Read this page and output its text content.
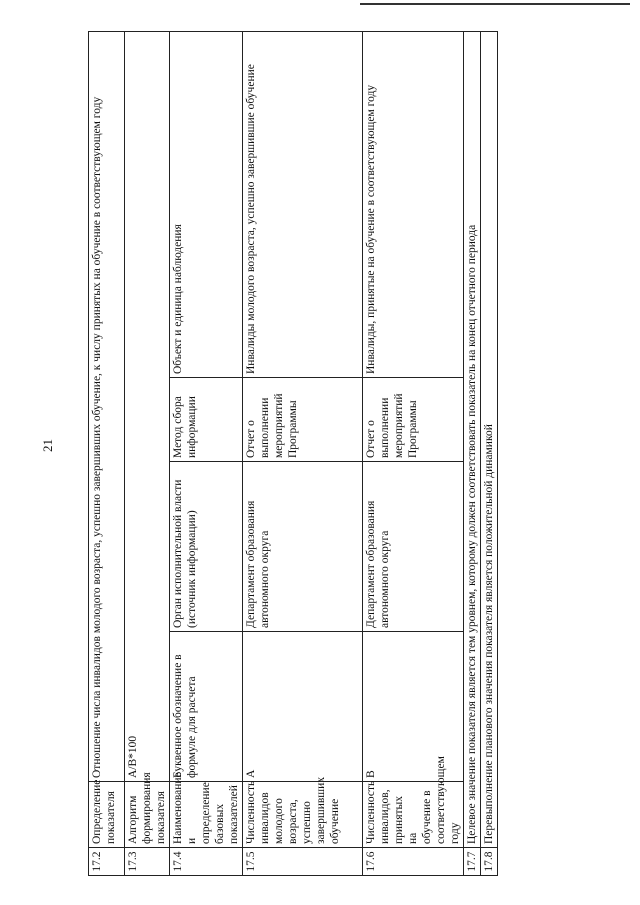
21
17.2	Определение показателя	Отношение числа инвалидов молодого возраста, успешно завершивших обучение, к числу принятых на обучение в соответствующем году			
17.3	Алгоритм формирования показателя	A/B*100			
17.4	Наименование и определение базовых показателей	Буквенное обозначение в формуле для расчета	Орган исполнительной власти (источник информации)	Метод сбора информации	Объект и единица наблюдения
17.5	Численность инвалидов молодого возраста, успешно завершивших обучение	A	Департамент образования автономного округа	Отчет о выполнении мероприятий Программы	Инвалиды молодого возраста, успешно завершившие обучение
17.6	Численность инвалидов, принятых на обучение в соответствующем году	B	Департамент образования автономного округа	Отчет о выполнении мероприятий Программы	Инвалиды, принятые на обучение в соответствующем году
17.7	Целевое значение показателя является тем уровнем, которому должен соответствовать показатель на конец отчетного периода				
17.8	Перевыполнение планового значения показателя является положительной динамикой				
